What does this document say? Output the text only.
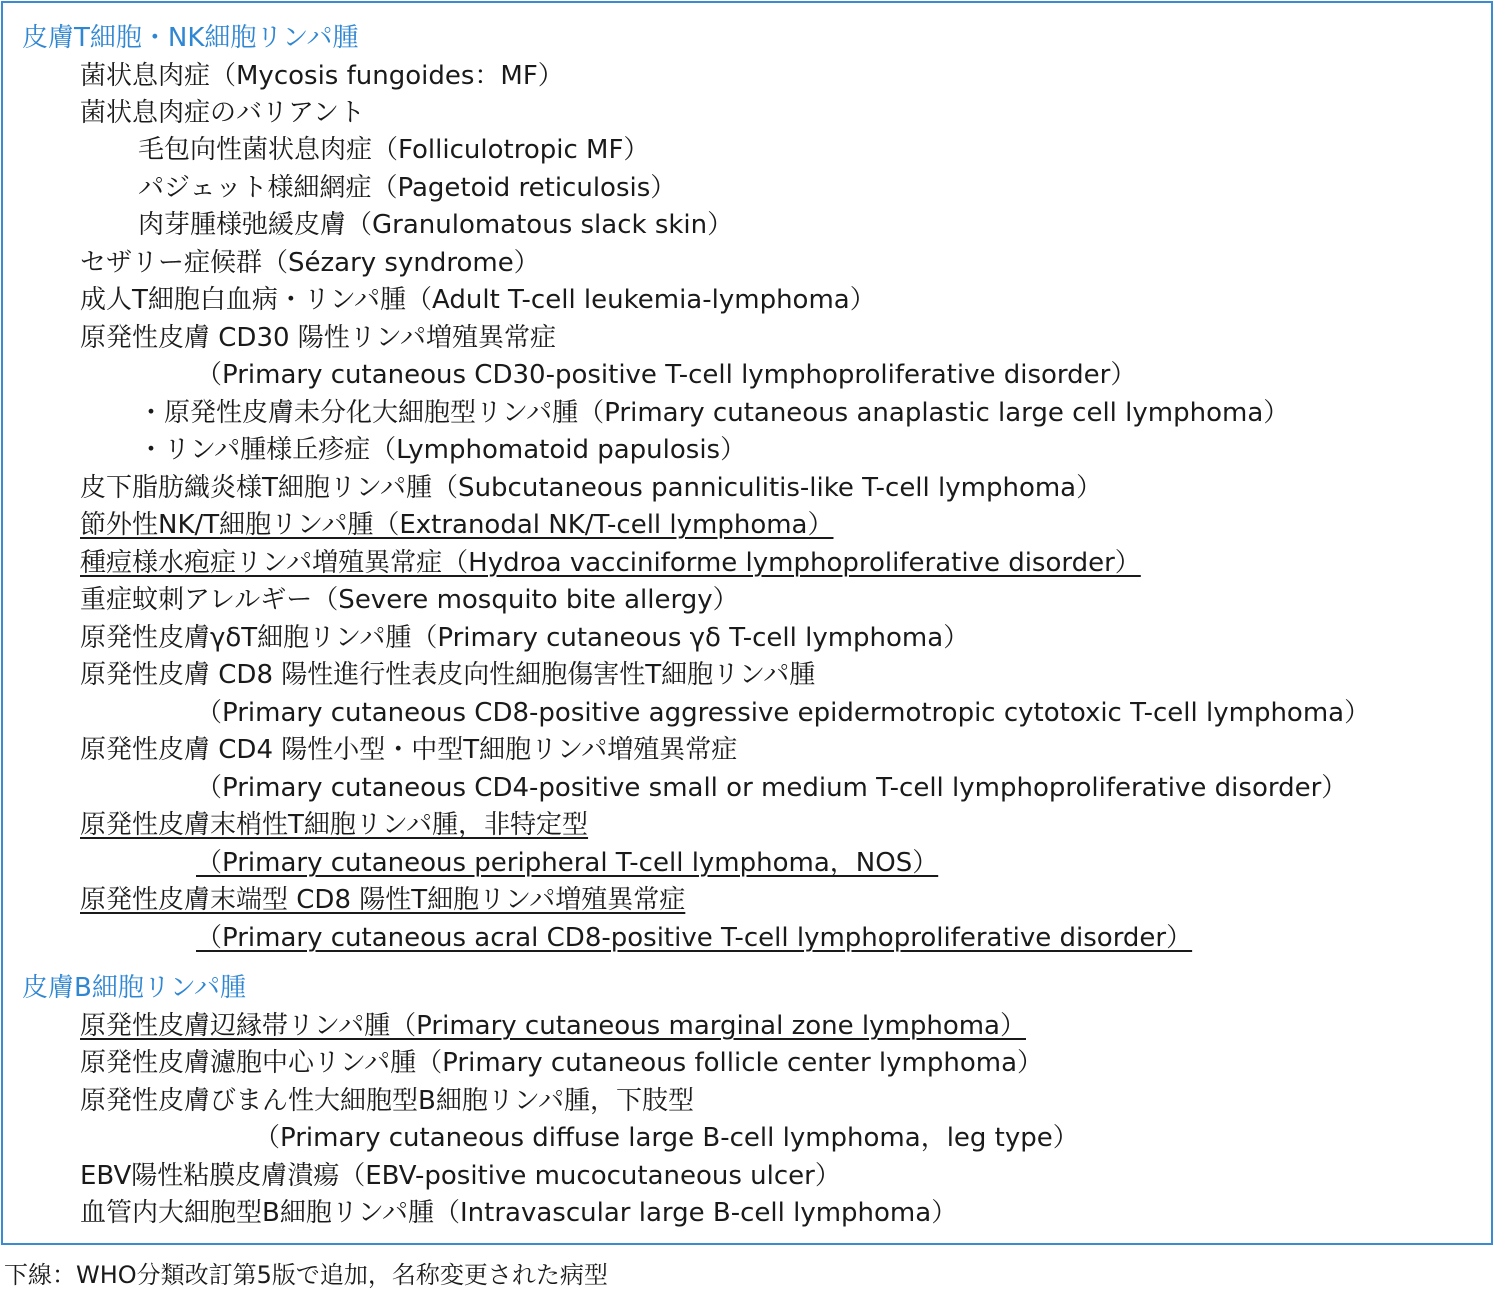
皮膚T細胞・NK細胞リンパ腫
菌状息肉症（Mycosis fungoides：MF）
菌状息肉症のバリアント
毛包向性菌状息肉症（Folliculotropic MF）
パジェット様細網症（Pagetoid reticulosis）
肉芽腫様弛緩皮膚（Granulomatous slack skin）
セザリー症候群（Sézary syndrome）
成人T細胞白血病・リンパ腫（Adult T-cell leukemia-lymphoma）
原発性皮膚 CD30 陽性リンパ増殖異常症
（Primary cutaneous CD30-positive T-cell lymphoproliferative disorder）
・原発性皮膚未分化大細胞型リンパ腫（Primary cutaneous anaplastic large cell lymphoma）
・リンパ腫様丘疹症（Lymphomatoid papulosis）
皮下脂肪織炎様T細胞リンパ腫（Subcutaneous panniculitis-like T-cell lymphoma）
節外性NK/T細胞リンパ腫（Extranodal NK/T-cell lymphoma）
種痘様水疱症リンパ増殖異常症（Hydroa vacciniforme lymphoproliferative disorder）
重症蚊刺アレルギー（Severe mosquito bite allergy）
原発性皮膚γδT細胞リンパ腫（Primary cutaneous γδ T-cell lymphoma）
原発性皮膚 CD8 陽性進行性表皮向性細胞傷害性T細胞リンパ腫
（Primary cutaneous CD8-positive aggressive epidermotropic cytotoxic T-cell lymphoma）
原発性皮膚 CD4 陽性小型・中型T細胞リンパ増殖異常症
（Primary cutaneous CD4-positive small or medium T-cell lymphoproliferative disorder）
原発性皮膚末梢性T細胞リンパ腫，非特定型
（Primary cutaneous peripheral T-cell lymphoma，NOS）
原発性皮膚末端型 CD8 陽性T細胞リンパ増殖異常症
（Primary cutaneous acral CD8-positive T-cell lymphoproliferative disorder）
皮膚B細胞リンパ腫
原発性皮膚辺縁帯リンパ腫（Primary cutaneous marginal zone lymphoma）
原発性皮膚濾胞中心リンパ腫（Primary cutaneous follicle center lymphoma）
原発性皮膚びまん性大細胞型B細胞リンパ腫，下肢型
（Primary cutaneous diffuse large B-cell lymphoma，leg type）
EBV陽性粘膜皮膚潰瘍（EBV-positive mucocutaneous ulcer）
血管内大細胞型B細胞リンパ腫（Intravascular large B-cell lymphoma）
下線：WHO分類改訂第5版で追加，名称変更された病型
